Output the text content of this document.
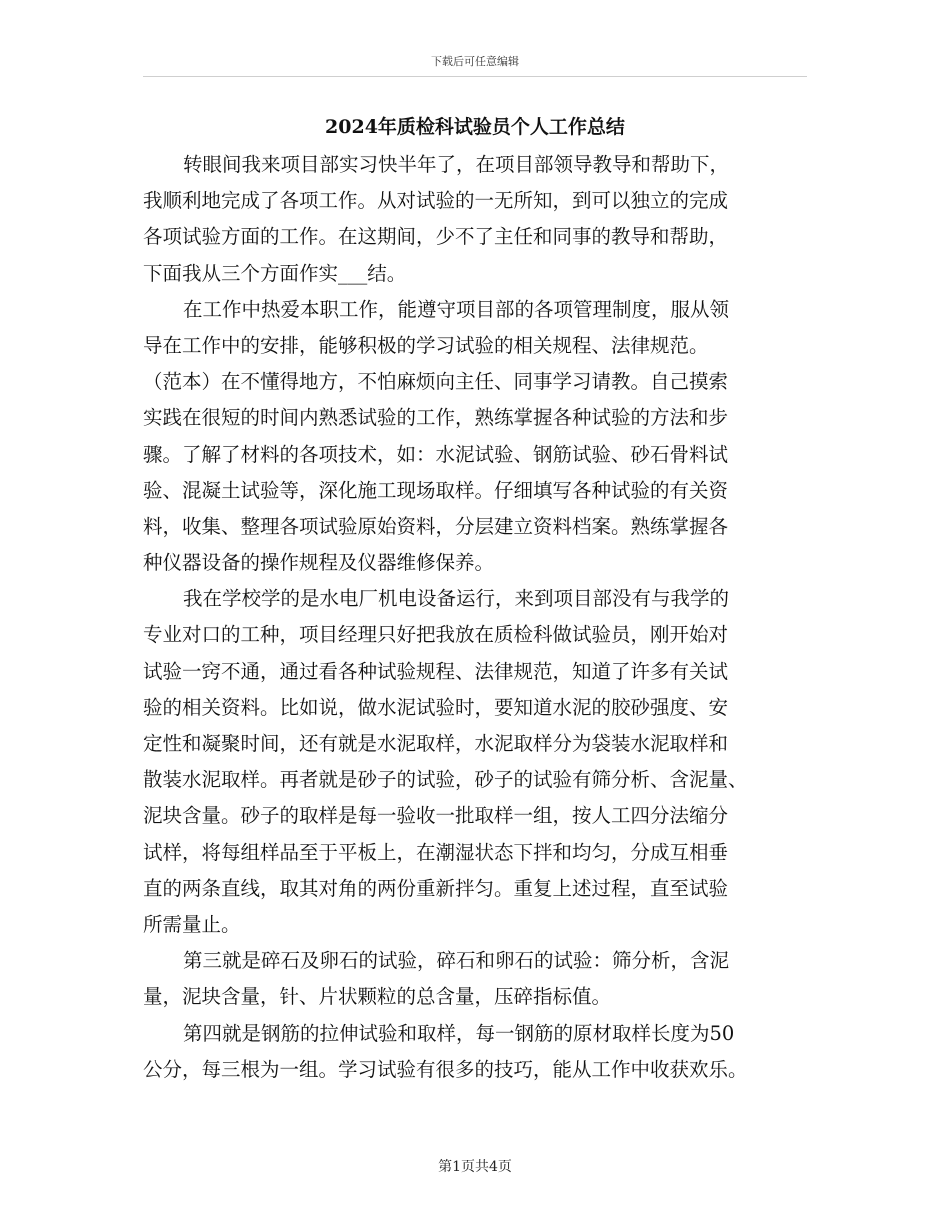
下载后可任意编辑
2024年质检科试验员个人工作总结
转眼间我来项目部实习快半年了，在项目部领导教导和帮助下，
我顺利地完成了各项工作。从对试验的一无所知，到可以独立的完成
各项试验方面的工作。在这期间，少不了主任和同事的教导和帮助，
下面我从三个方面作实___结。
在工作中热爱本职工作，能遵守项目部的各项管理制度，服从领
导在工作中的安排，能够积极的学习试验的相关规程、法律规范。
（范本）在不懂得地方，不怕麻烦向主任、同事学习请教。自己摸索
实践在很短的时间内熟悉试验的工作，熟练掌握各种试验的方法和步
骤。了解了材料的各项技术，如：水泥试验、钢筋试验、砂石骨料试
验、混凝土试验等，深化施工现场取样。仔细填写各种试验的有关资
料，收集、整理各项试验原始资料，分层建立资料档案。熟练掌握各
种仪器设备的操作规程及仪器维修保养。
我在学校学的是水电厂机电设备运行，来到项目部没有与我学的
专业对口的工种，项目经理只好把我放在质检科做试验员，刚开始对
试验一窍不通，通过看各种试验规程、法律规范，知道了许多有关试
验的相关资料。比如说，做水泥试验时，要知道水泥的胶砂强度、安
定性和凝聚时间，还有就是水泥取样，水泥取样分为袋装水泥取样和
散装水泥取样。再者就是砂子的试验，砂子的试验有筛分析、含泥量、
泥块含量。砂子的取样是每一验收一批取样一组，按人工四分法缩分
试样，将每组样品至于平板上，在潮湿状态下拌和均匀，分成互相垂
直的两条直线，取其对角的两份重新拌匀。重复上述过程，直至试验
所需量止。
第三就是碎石及卵石的试验，碎石和卵石的试验：筛分析，含泥
量，泥块含量，针、片状颗粒的总含量，压碎指标值。
第四就是钢筋的拉伸试验和取样，每一钢筋的原材取样长度为50
公分，每三根为一组。学习试验有很多的技巧，能从工作中收获欢乐。
第1页共4页
